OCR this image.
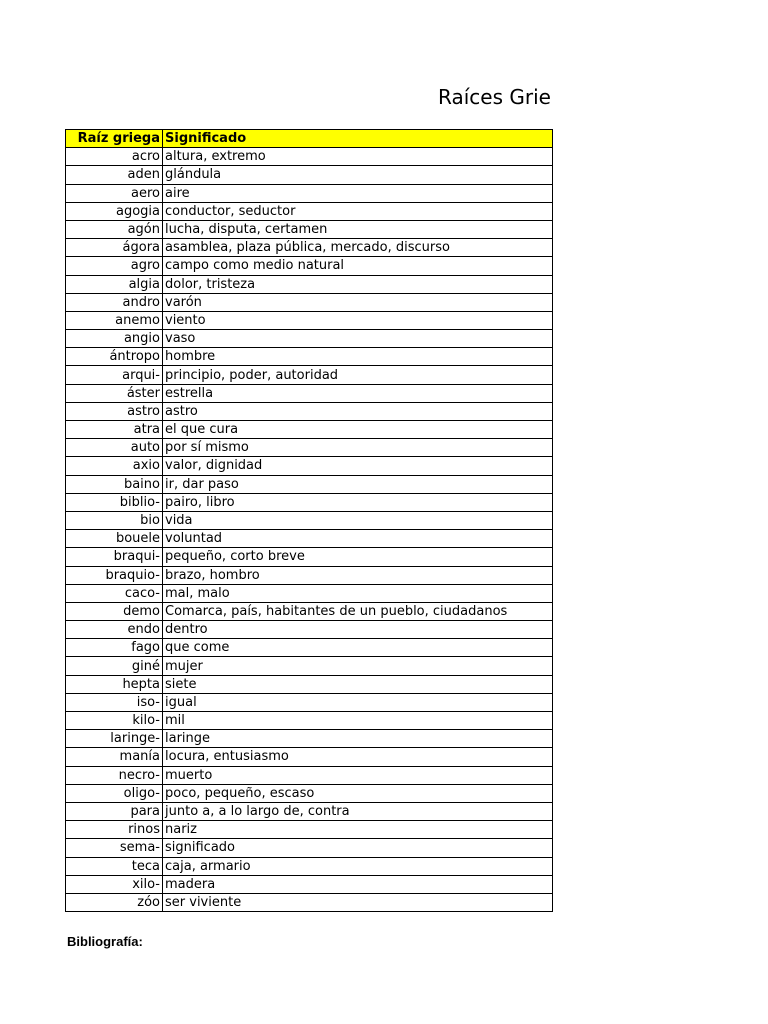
Raíces Grie
Raíz griega	Significado
acro	altura, extremo
aden	glándula
aero	aire
agogia	conductor, seductor
agón	lucha, disputa, certamen
ágora	asamblea, plaza pública, mercado, discurso
agro	campo como medio natural
algia	dolor, tristeza
andro	varón
anemo	viento
angio	vaso
ántropo	hombre
arqui-	principio, poder, autoridad
áster	estrella
astro	astro
atra	el que cura
auto	por sí mismo
axio	valor, dignidad
baino	ir, dar paso
biblio-	pairo, libro
bio	vida
bouele	voluntad
braqui-	pequeño, corto breve
braquio-	brazo, hombro
caco-	mal, malo
demo	Comarca, país, habitantes de un pueblo, ciudadanos
endo	dentro
fago	que come
giné	mujer
hepta	siete
iso-	igual
kilo-	mil
laringe-	laringe
manía	locura, entusiasmo
necro-	muerto
oligo-	poco, pequeño, escaso
para	junto a, a lo largo de, contra
rinos	nariz
sema-	significado
teca	caja, armario
xilo-	madera
zóo	ser viviente
Bibliografía:
